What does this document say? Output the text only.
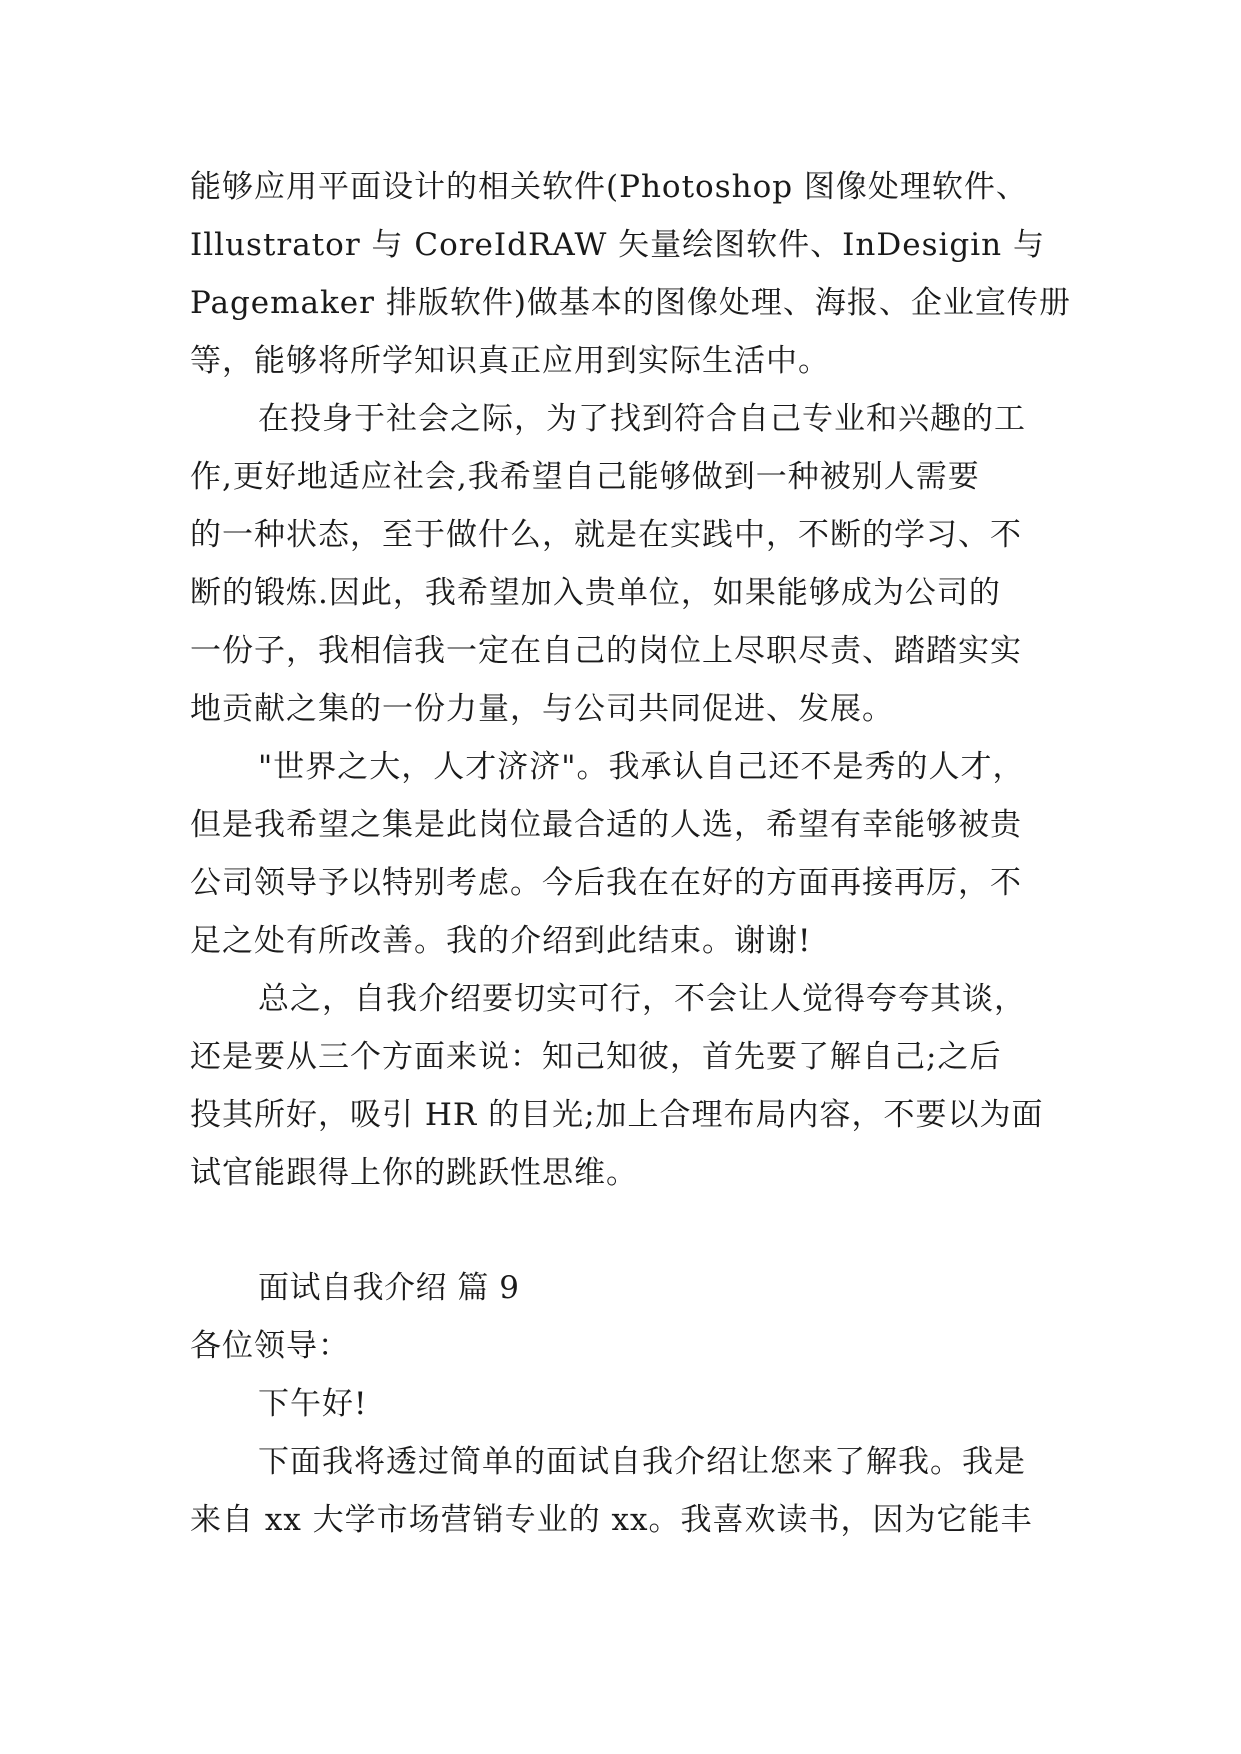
能够应用平面设计的相关软件(Photoshop 图像处理软件、
Illustrator 与 CoreIdRAW 矢量绘图软件、InDesigin 与
Pagemaker 排版软件)做基本的图像处理、海报、企业宣传册
等，能够将所学知识真正应用到实际生活中。
在投身于社会之际，为了找到符合自己专业和兴趣的工
作,更好地适应社会,我希望自己能够做到一种被别人需要
的一种状态，至于做什么，就是在实践中，不断的学习、不
断的锻炼.因此，我希望加入贵单位，如果能够成为公司的
一份子，我相信我一定在自己的岗位上尽职尽责、踏踏实实
地贡献之集的一份力量，与公司共同促进、发展。
"世界之大，人才济济"。我承认自己还不是秀的人才，
但是我希望之集是此岗位最合适的人选，希望有幸能够被贵
公司领导予以特别考虑。今后我在在好的方面再接再厉，不
足之处有所改善。我的介绍到此结束。谢谢!
总之，自我介绍要切实可行，不会让人觉得夸夸其谈，
还是要从三个方面来说：知己知彼，首先要了解自己;之后
投其所好，吸引 HR 的目光;加上合理布局内容，不要以为面
试官能跟得上你的跳跃性思维。
面试自我介绍 篇 9
各位领导：
下午好!
下面我将透过简单的面试自我介绍让您来了解我。我是
来自 xx 大学市场营销专业的 xx。我喜欢读书，因为它能丰
